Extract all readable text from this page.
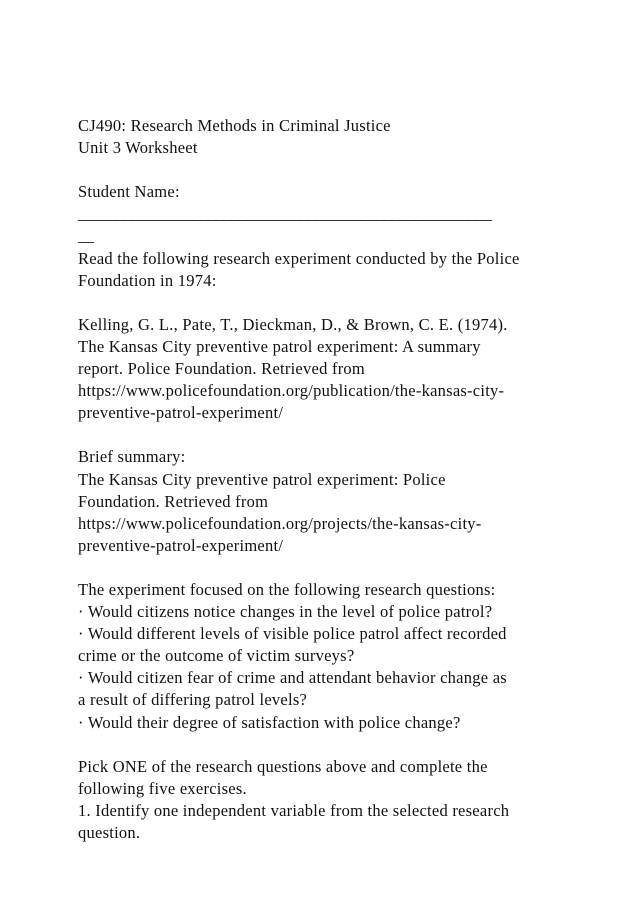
CJ490: Research Methods in Criminal Justice
Unit 3 Worksheet
Student Name:
______________________________________________________
__
Read the following research experiment conducted by the Police
Foundation in 1974:
Kelling, G. L., Pate, T., Dieckman, D., & Brown, C. E. (1974).
The Kansas City preventive patrol experiment: A summary
report. Police Foundation. Retrieved from
https://www.policefoundation.org/publication/the-kansas-city-
preventive-patrol-experiment/
Brief summary:
The Kansas City preventive patrol experiment: Police
Foundation. Retrieved from
https://www.policefoundation.org/projects/the-kansas-city-
preventive-patrol-experiment/
The experiment focused on the following research questions:
· Would citizens notice changes in the level of police patrol?
· Would different levels of visible police patrol affect recorded
crime or the outcome of victim surveys?
· Would citizen fear of crime and attendant behavior change as
a result of differing patrol levels?
· Would their degree of satisfaction with police change?
Pick ONE of the research questions above and complete the
following five exercises.
1. Identify one independent variable from the selected research
question.
